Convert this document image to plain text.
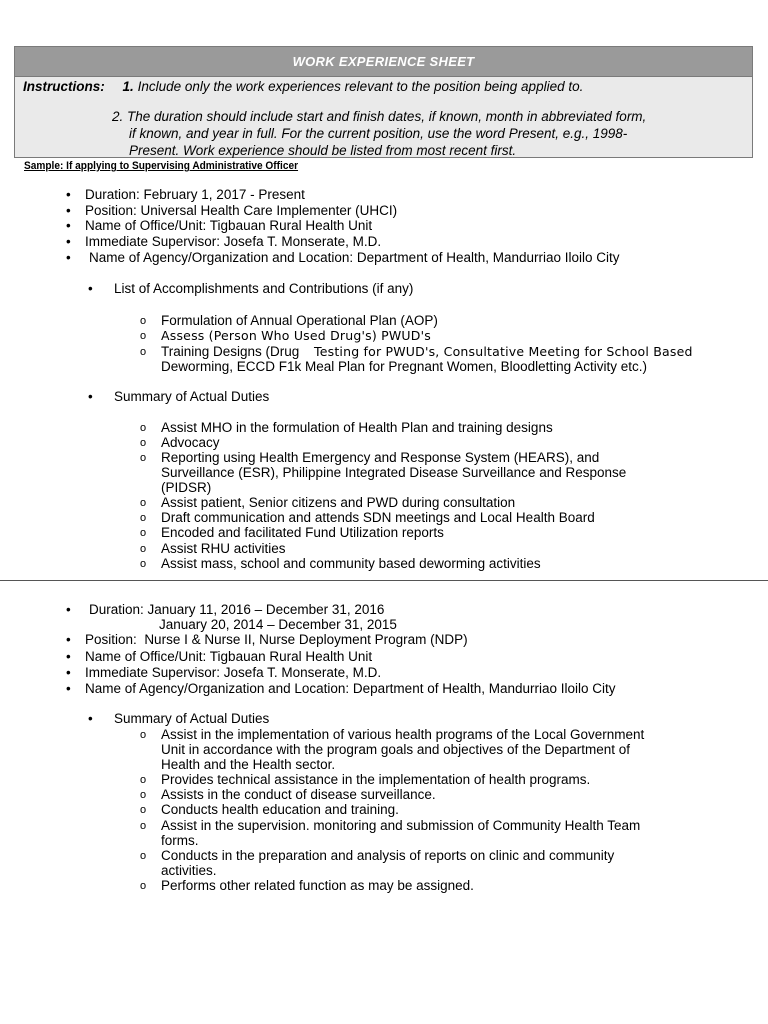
WORK EXPERIENCE SHEET
Instructions: 1. Include only the work experiences relevant to the position being applied to.
2. The duration should include start and finish dates, if known, month in abbreviated form,
if known, and year in full. For the current position, use the word Present, e.g., 1998-
Present. Work experience should be listed from most recent first.
Sample: If applying to Supervising Administrative Officer
• Duration: February 1, 2017 - Present
• Position: Universal Health Care Implementer (UHCI)
• Name of Office/Unit: Tigbauan Rural Health Unit
• Immediate Supervisor: Josefa T. Monserate, M.D.
• Name of Agency/Organization and Location: Department of Health, Mandurriao Iloilo City
• List of Accomplishments and Contributions (if any)
o Formulation of Annual Operational Plan (AOP)
o Assess (Person Who Used Drug's) PWUD's
o Training Designs (Drug Testing for PWUD's, Consultative Meeting for School Based
Deworming, ECCD F1k Meal Plan for Pregnant Women, Bloodletting Activity etc.)
• Summary of Actual Duties
o Assist MHO in the formulation of Health Plan and training designs
o Advocacy
o Reporting using Health Emergency and Response System (HEARS), and
Surveillance (ESR), Philippine Integrated Disease Surveillance and Response
(PIDSR)
o Assist patient, Senior citizens and PWD during consultation
o Draft communication and attends SDN meetings and Local Health Board
o Encoded and facilitated Fund Utilization reports
o Assist RHU activities
o Assist mass, school and community based deworming activities
• Duration: January 11, 2016 – December 31, 2016
January 20, 2014 – December 31, 2015
• Position: Nurse I & Nurse II, Nurse Deployment Program (NDP)
• Name of Office/Unit: Tigbauan Rural Health Unit
• Immediate Supervisor: Josefa T. Monserate, M.D.
• Name of Agency/Organization and Location: Department of Health, Mandurriao Iloilo City
• Summary of Actual Duties
o Assist in the implementation of various health programs of the Local Government
Unit in accordance with the program goals and objectives of the Department of
Health and the Health sector.
o Provides technical assistance in the implementation of health programs.
o Assists in the conduct of disease surveillance.
o Conducts health education and training.
o Assist in the supervision. monitoring and submission of Community Health Team
forms.
o Conducts in the preparation and analysis of reports on clinic and community
activities.
o Performs other related function as may be assigned.
